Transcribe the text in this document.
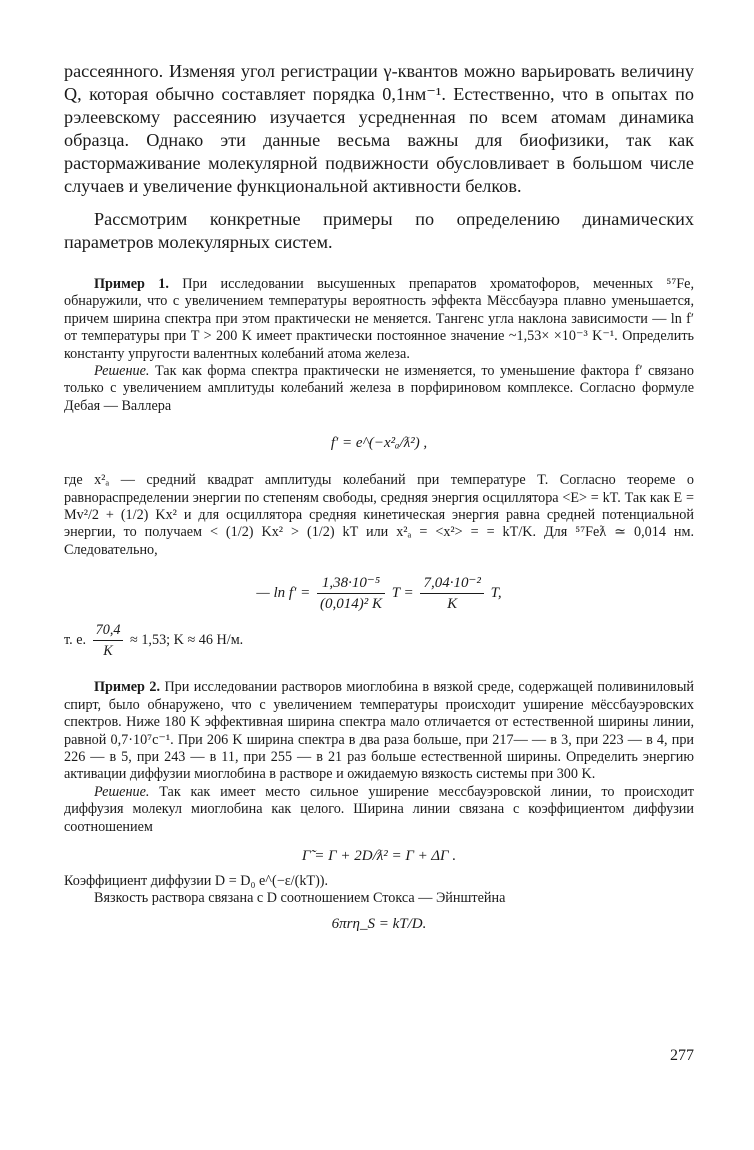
рассеянного. Изменяя угол регистрации γ-квантов можно варьировать величину Q, которая обычно составляет порядка 0,1нм⁻¹. Естественно, что в опытах по рэлеевскому рассеянию изучается усредненная по всем атомам динамика образца. Однако эти данные весьма важны для биофизики, так как растормаживание молекулярной подвижности обусловливает в большом числе случаев и увеличение функциональной активности белков.

Рассмотрим конкретные примеры по определению динамических параметров молекулярных систем.

Пример 1. При исследовании высушенных препаратов хроматофоров, меченных ⁵⁷Fe, обнаружили, что с увеличением температуры вероятность эффекта Мёссбауэра плавно уменьшается, причем ширина спектра при этом практически не меняется. Тангенс угла наклона зависимости — ln f′ от температуры при T > 200 K имеет практически постоянное значение ~1,53× ×10⁻³ K⁻¹. Определить константу упругости валентных колебаний атома железа.

Решение. Так как форма спектра практически не изменяется, то уменьшение фактора f′ связано только с увеличением амплитуды колебаний железа в порфириновом комплексе. Согласно формуле Дебая — Валлера

f′ = e^(−x²ₐ/ƛ²) ,

где x²ₐ — средний квадрат амплитуды колебаний при температуре T. Согласно теореме о равнораспределении энергии по степеням свободы, средняя энергия осциллятора <E> = kT. Так как E = Mv²/2 + (1/2) Kx² и для осциллятора средняя кинетическая энергия равна средней потенциальной энергии, то получаем < (1/2) Kx² > (1/2) kT или x²ₐ = <x²> = = kT/K. Для ⁵⁷Feƛ ≃ 0,014 нм. Следовательно,

— $\ln f' = \frac{\text{1,38·10⁻⁵}}{\text{(0,014)² K}}$ $T = \frac{\text{7,04·10⁻²}}{K} T$,
т. е. $\frac{70,4}{K} \approx 1,53$; K ≈ 46 Н/м.

Пример 2. При исследовании растворов миоглобина в вязкой среде, содержащей поливиниловый спирт, было обнаружено, что с увеличением температуры происходит уширение мёссбауэровских спектров. Ниже 180 K эффективная ширина спектра мало отличается от естественной ширины линии, равной 0,7·10⁷с⁻¹. При 206 K ширина спектра в два раза больше, при 217— — в 3, при 223 — в 4, при 226 — в 5, при 243 — в 11, при 255 — в 21 раз больше естественной ширины. Определить энергию активации диффузии миоглобина в растворе и ожидаемую вязкость системы при 300 K.

Решение. Так как имеет место сильное уширение мессбауэровской линии, то происходит диффузия молекул миоглобина как целого. Ширина линии связана с коэффициентом диффузии соотношением

Γ̃ = Γ + 2D/ƛ² = Γ + ΔΓ .

Коэффициент диффузии D = D₀ e^(−ε/(kT)).

Вязкость раствора связана с D соотношением Стокса — Эйнштейна

6πrη_S = kT/D.
277
